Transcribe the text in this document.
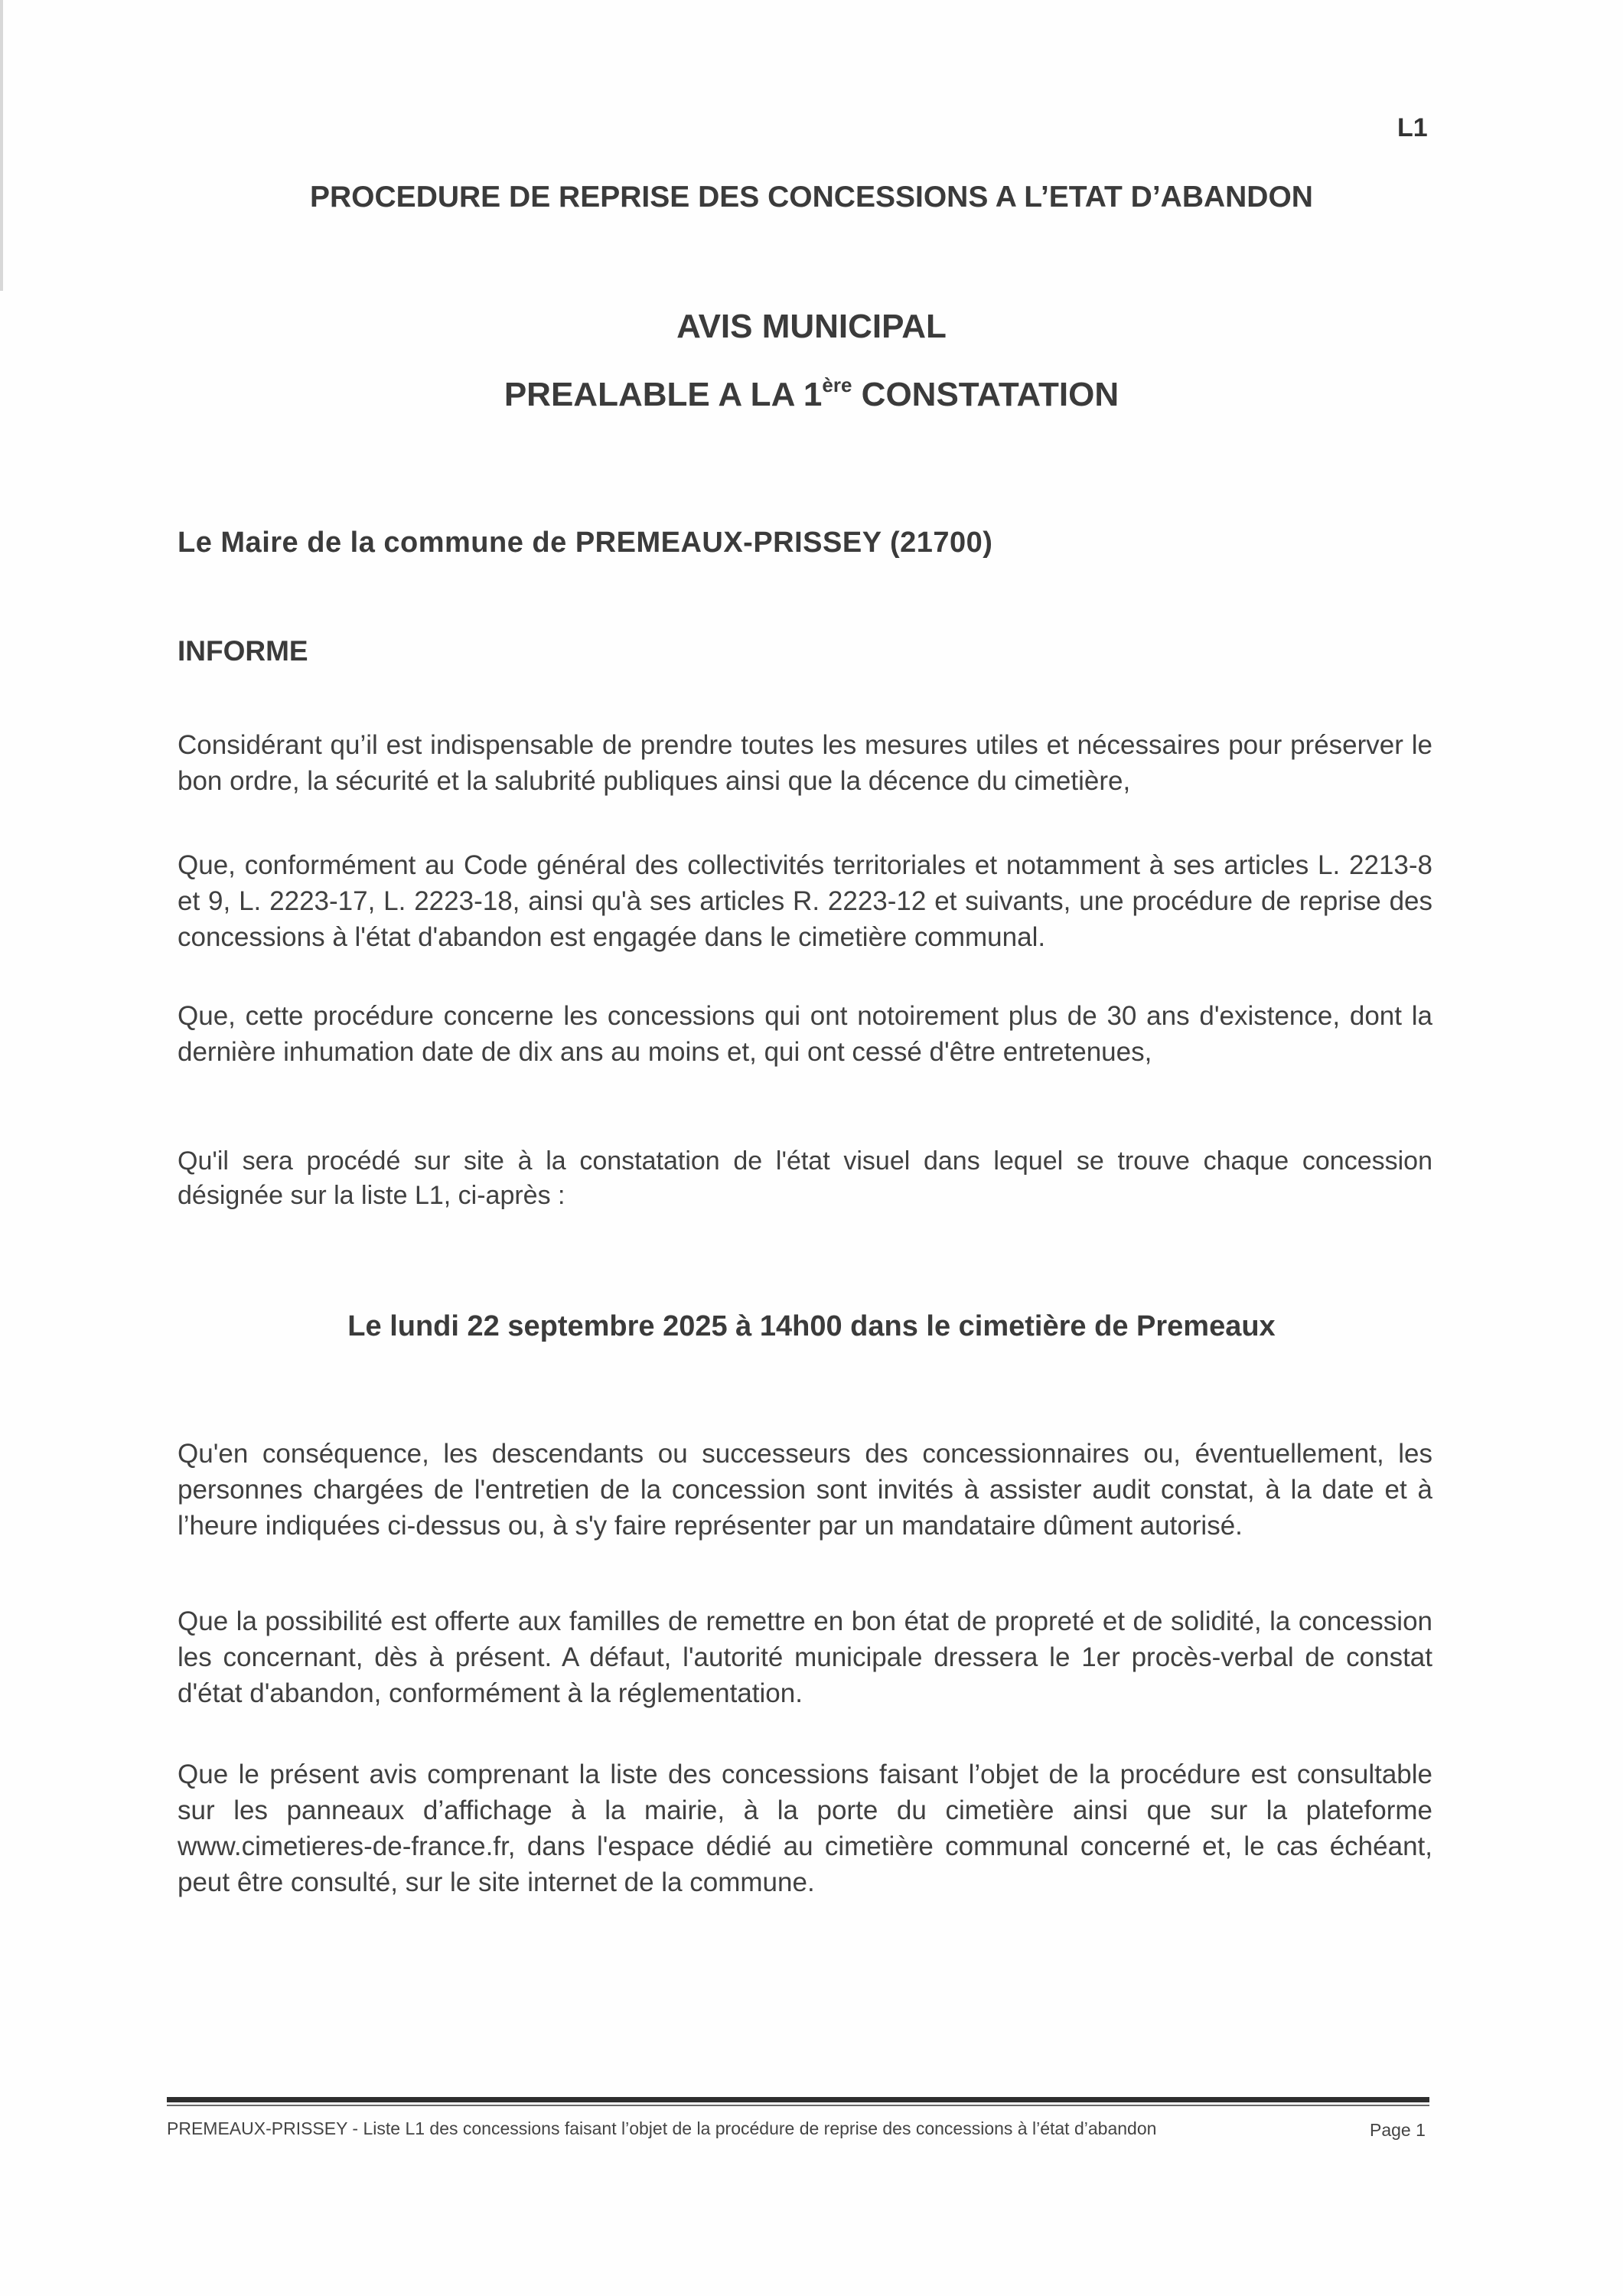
L1
PROCEDURE DE REPRISE DES CONCESSIONS A L’ETAT D’ABANDON
AVIS MUNICIPAL
PREALABLE A LA 1ère CONSTATATION
Le Maire de la commune de PREMEAUX-PRISSEY (21700)
INFORME
Considérant qu’il est indispensable de prendre toutes les mesures utiles et nécessaires pour préserver le bon ordre, la sécurité et la salubrité publiques ainsi que la décence du cimetière,
Que, conformément au Code général des collectivités territoriales et notamment à ses articles L. 2213-8 et 9, L. 2223-17, L. 2223-18, ainsi qu'à ses articles R. 2223-12 et suivants, une procédure de reprise des concessions à l'état d'abandon est engagée dans le cimetière communal.
Que, cette procédure concerne les concessions qui ont notoirement plus de 30 ans d'existence, dont la dernière inhumation date de dix ans au moins et, qui ont cessé d'être entretenues,
Qu'il sera procédé sur site à la constatation de l'état visuel dans lequel se trouve chaque concession désignée sur la liste L1, ci-après :
Le lundi 22 septembre 2025 à 14h00 dans le cimetière de Premeaux
Qu'en conséquence, les descendants ou successeurs des concessionnaires ou, éventuellement, les personnes chargées de l'entretien de la concession sont invités à assister audit constat, à la date et à l’heure indiquées ci-dessus ou, à s'y faire représenter par un mandataire dûment autorisé.
Que la possibilité est offerte aux familles de remettre en bon état de propreté et de solidité, la concession les concernant, dès à présent. A défaut, l'autorité municipale dressera le 1er procès-verbal de constat d'état d'abandon, conformément à la réglementation.
Que le présent avis comprenant la liste des concessions faisant l’objet de la procédure est consultable sur les panneaux d’affichage à la mairie, à la porte du cimetière ainsi que sur la plateforme www.cimetieres-de-france.fr, dans l'espace dédié au cimetière communal concerné et, le cas échéant, peut être consulté, sur le site internet de la commune.
PREMEAUX-PRISSEY - Liste L1 des concessions faisant l’objet de la procédure de reprise des concessions à l’état d’abandon	Page 1
